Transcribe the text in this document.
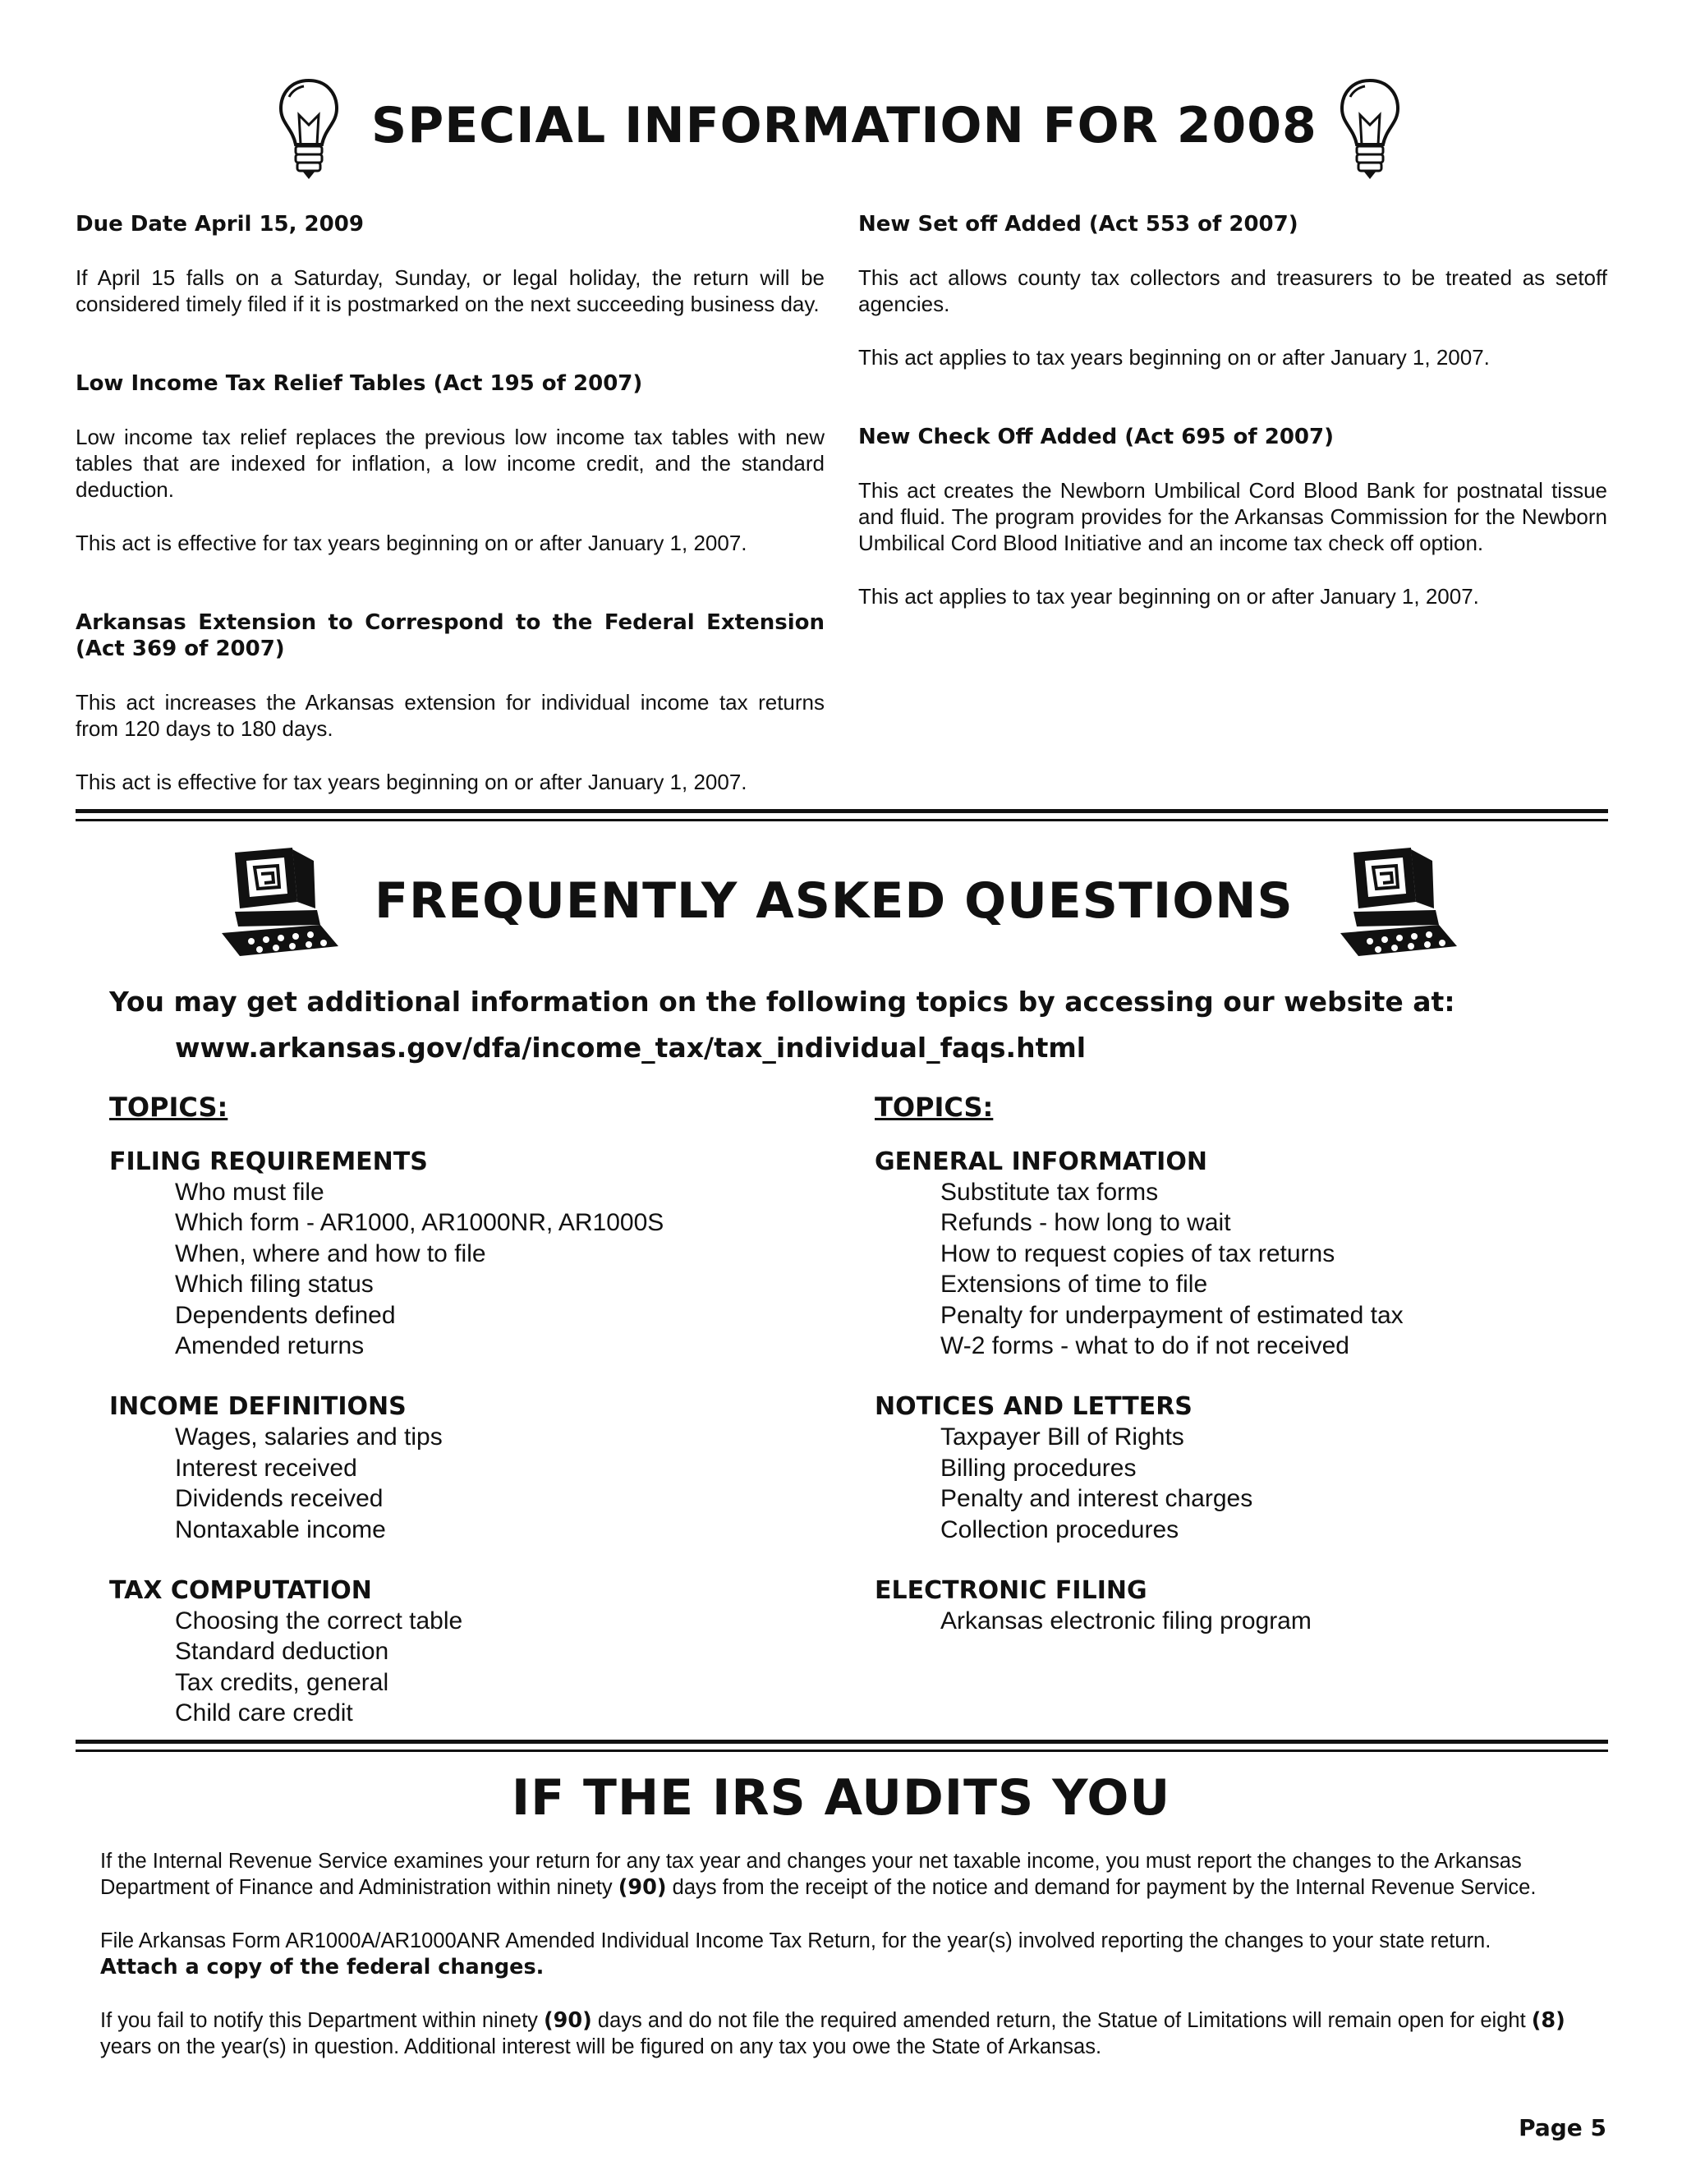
SPECIAL INFORMATION FOR 2008

Due Date April 15, 2009

If April 15 falls on a Saturday, Sunday, or legal holiday, the return will be considered timely filed if it is postmarked on the next succeeding business day.

Low Income Tax Relief Tables (Act 195 of 2007)

Low income tax relief replaces the previous low income tax tables with new tables that are indexed for inflation, a low income credit, and the standard deduction.

This act is effective for tax years beginning on or after January 1, 2007.

Arkansas Extension to Correspond to the Federal Extension (Act 369 of 2007)

This act increases the Arkansas extension for individual income tax returns from 120 days to 180 days.

This act is effective for tax years beginning on or after January 1, 2007.

New Set off Added (Act 553 of 2007)

This act allows county tax collectors and treasurers to be treated as setoff agencies.

This act applies to tax years beginning on or after January 1, 2007.

New Check Off Added (Act 695 of 2007)

This act creates the Newborn Umbilical Cord Blood Bank for postnatal tissue and fluid. The program provides for the Arkansas Commission for the Newborn Umbilical Cord Blood Initiative and an income tax check off option.

This act applies to tax year beginning on or after January 1, 2007.

FREQUENTLY ASKED QUESTIONS

You may get additional information on the following topics by accessing our website at:

www.arkansas.gov/dfa/income_tax/tax_individual_faqs.html

TOPICS:

FILING REQUIREMENTS

Who must file
Which form - AR1000, AR1000NR, AR1000S
When, where and how to file
Which filing status
Dependents defined
Amended returns

INCOME DEFINITIONS

Wages, salaries and tips
Interest received
Dividends received
Nontaxable income

TAX COMPUTATION

Choosing the correct table
Standard deduction
Tax credits, general
Child care credit

TOPICS:

GENERAL INFORMATION

Substitute tax forms
Refunds - how long to wait
How to request copies of tax returns
Extensions of time to file
Penalty for underpayment of estimated tax
W-2 forms - what to do if not received

NOTICES AND LETTERS

Taxpayer Bill of Rights
Billing procedures
Penalty and interest charges
Collection procedures

ELECTRONIC FILING

Arkansas electronic filing program
IF THE IRS AUDITS YOU

If the Internal Revenue Service examines your return for any tax year and changes your net taxable income, you must report the changes to the Arkansas Department of Finance and Administration within ninety (90) days from the receipt of the notice and demand for payment by the Internal Revenue Service.

File Arkansas Form AR1000A/AR1000ANR Amended Individual Income Tax Return, for the year(s) involved reporting the changes to your state return.
Attach a copy of the federal changes.

If you fail to notify this Department within ninety (90) days and do not file the required amended return, the Statue of Limitations will remain open for eight (8) years on the year(s) in question. Additional interest will be figured on any tax you owe the State of Arkansas.

Page 5
